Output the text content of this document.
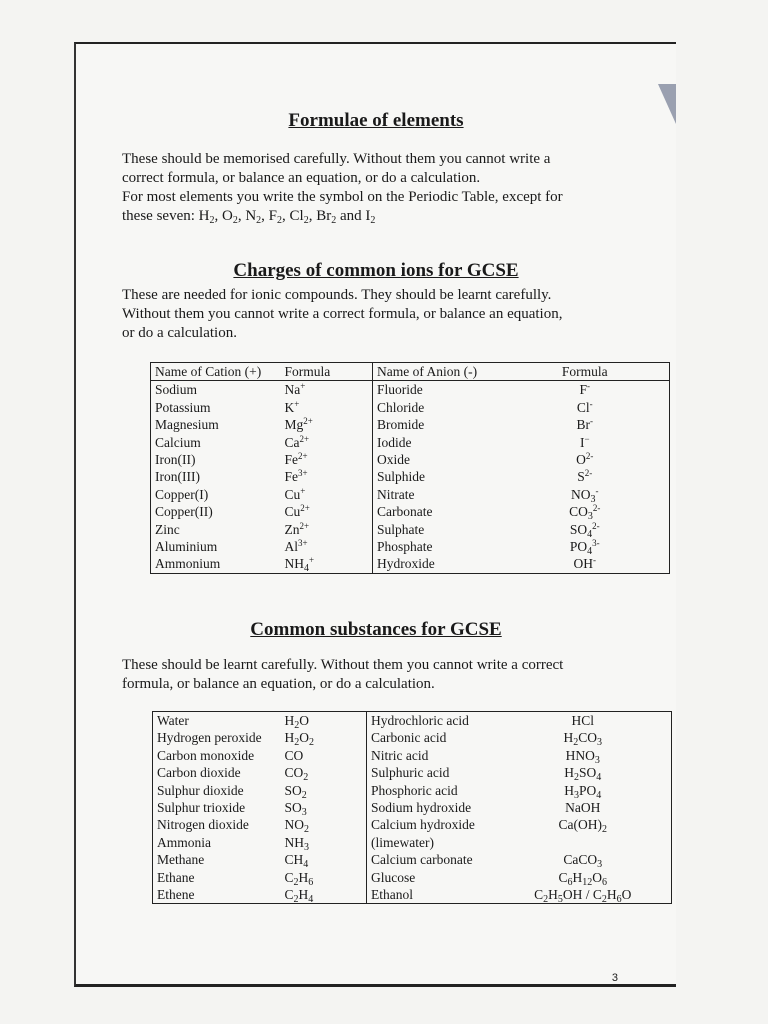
Formulae of elements

These should be memorised carefully. Without them you cannot write a

correct formula, or balance an equation, or do a calculation.

For most elements you write the symbol on the Periodic Table, except for

these seven: $H_2$, $O_2$, $N_2$, $F_2$, $Cl_2$, $Br_2$ and $I_2$

Charges of common ions for GCSE

These are needed for ionic compounds. They should be learnt carefully.

Without them you cannot write a correct formula, or balance an equation,

or do a calculation.

Name of Cation (+)	Formula	Name of Anion (-)	Formula
Sodium	Na+	Fluoride	F-
Potassium	K+	Chloride	Cl-
Magnesium	$Mg^{2+}$	Bromide	Br-
Calcium	$Ca^{2+}$	Iodide	I−
Iron(II)	$Fe^{2+}$	Oxide	$O^{2-}$
Iron(III)	$Fe^{3+}$	Sulphide	$S^{2-}$
Copper(I)	Cu+	Nitrate	$NO_3^-$
Copper(II)	$Cu^{2+}$	Carbonate	$CO_3^{2-}$
Zinc	$Zn^{2+}$	Sulphate	$SO_4^{2-}$
Aluminium	$Al^{3+}$	Phosphate	$PO_4^{3-}$
Ammonium	$NH_4^+$	Hydroxide	OH-
Common substances for GCSE

These should be learnt carefully. Without them you cannot write a correct

formula, or balance an equation, or do a calculation.

Water	$H_2O$	Hydrochloric acid	HCl
Hydrogen peroxide	$H_2O_2$	Carbonic acid	$H_2CO_3$
Carbon monoxide	CO	Nitric acid	$HNO_3$
Carbon dioxide	$CO_2$	Sulphuric acid	$H_2SO_4$
Sulphur dioxide	$SO_2$	Phosphoric acid	$H_3PO_4$
Sulphur trioxide	$SO_3$	Sodium hydroxide	NaOH
Nitrogen dioxide	$NO_2$	Calcium hydroxide	$Ca(OH)_2$
Ammonia	$NH_3$	(limewater)	
Methane	$CH_4$	Calcium carbonate	CaCO$_3$
Ethane	$C_2H_6$	Glucose	$C_6H_{12}O_6$
Ethene	$C_2H_4$	Ethanol	$C_2H_5OH / C_2H_6O$
3
